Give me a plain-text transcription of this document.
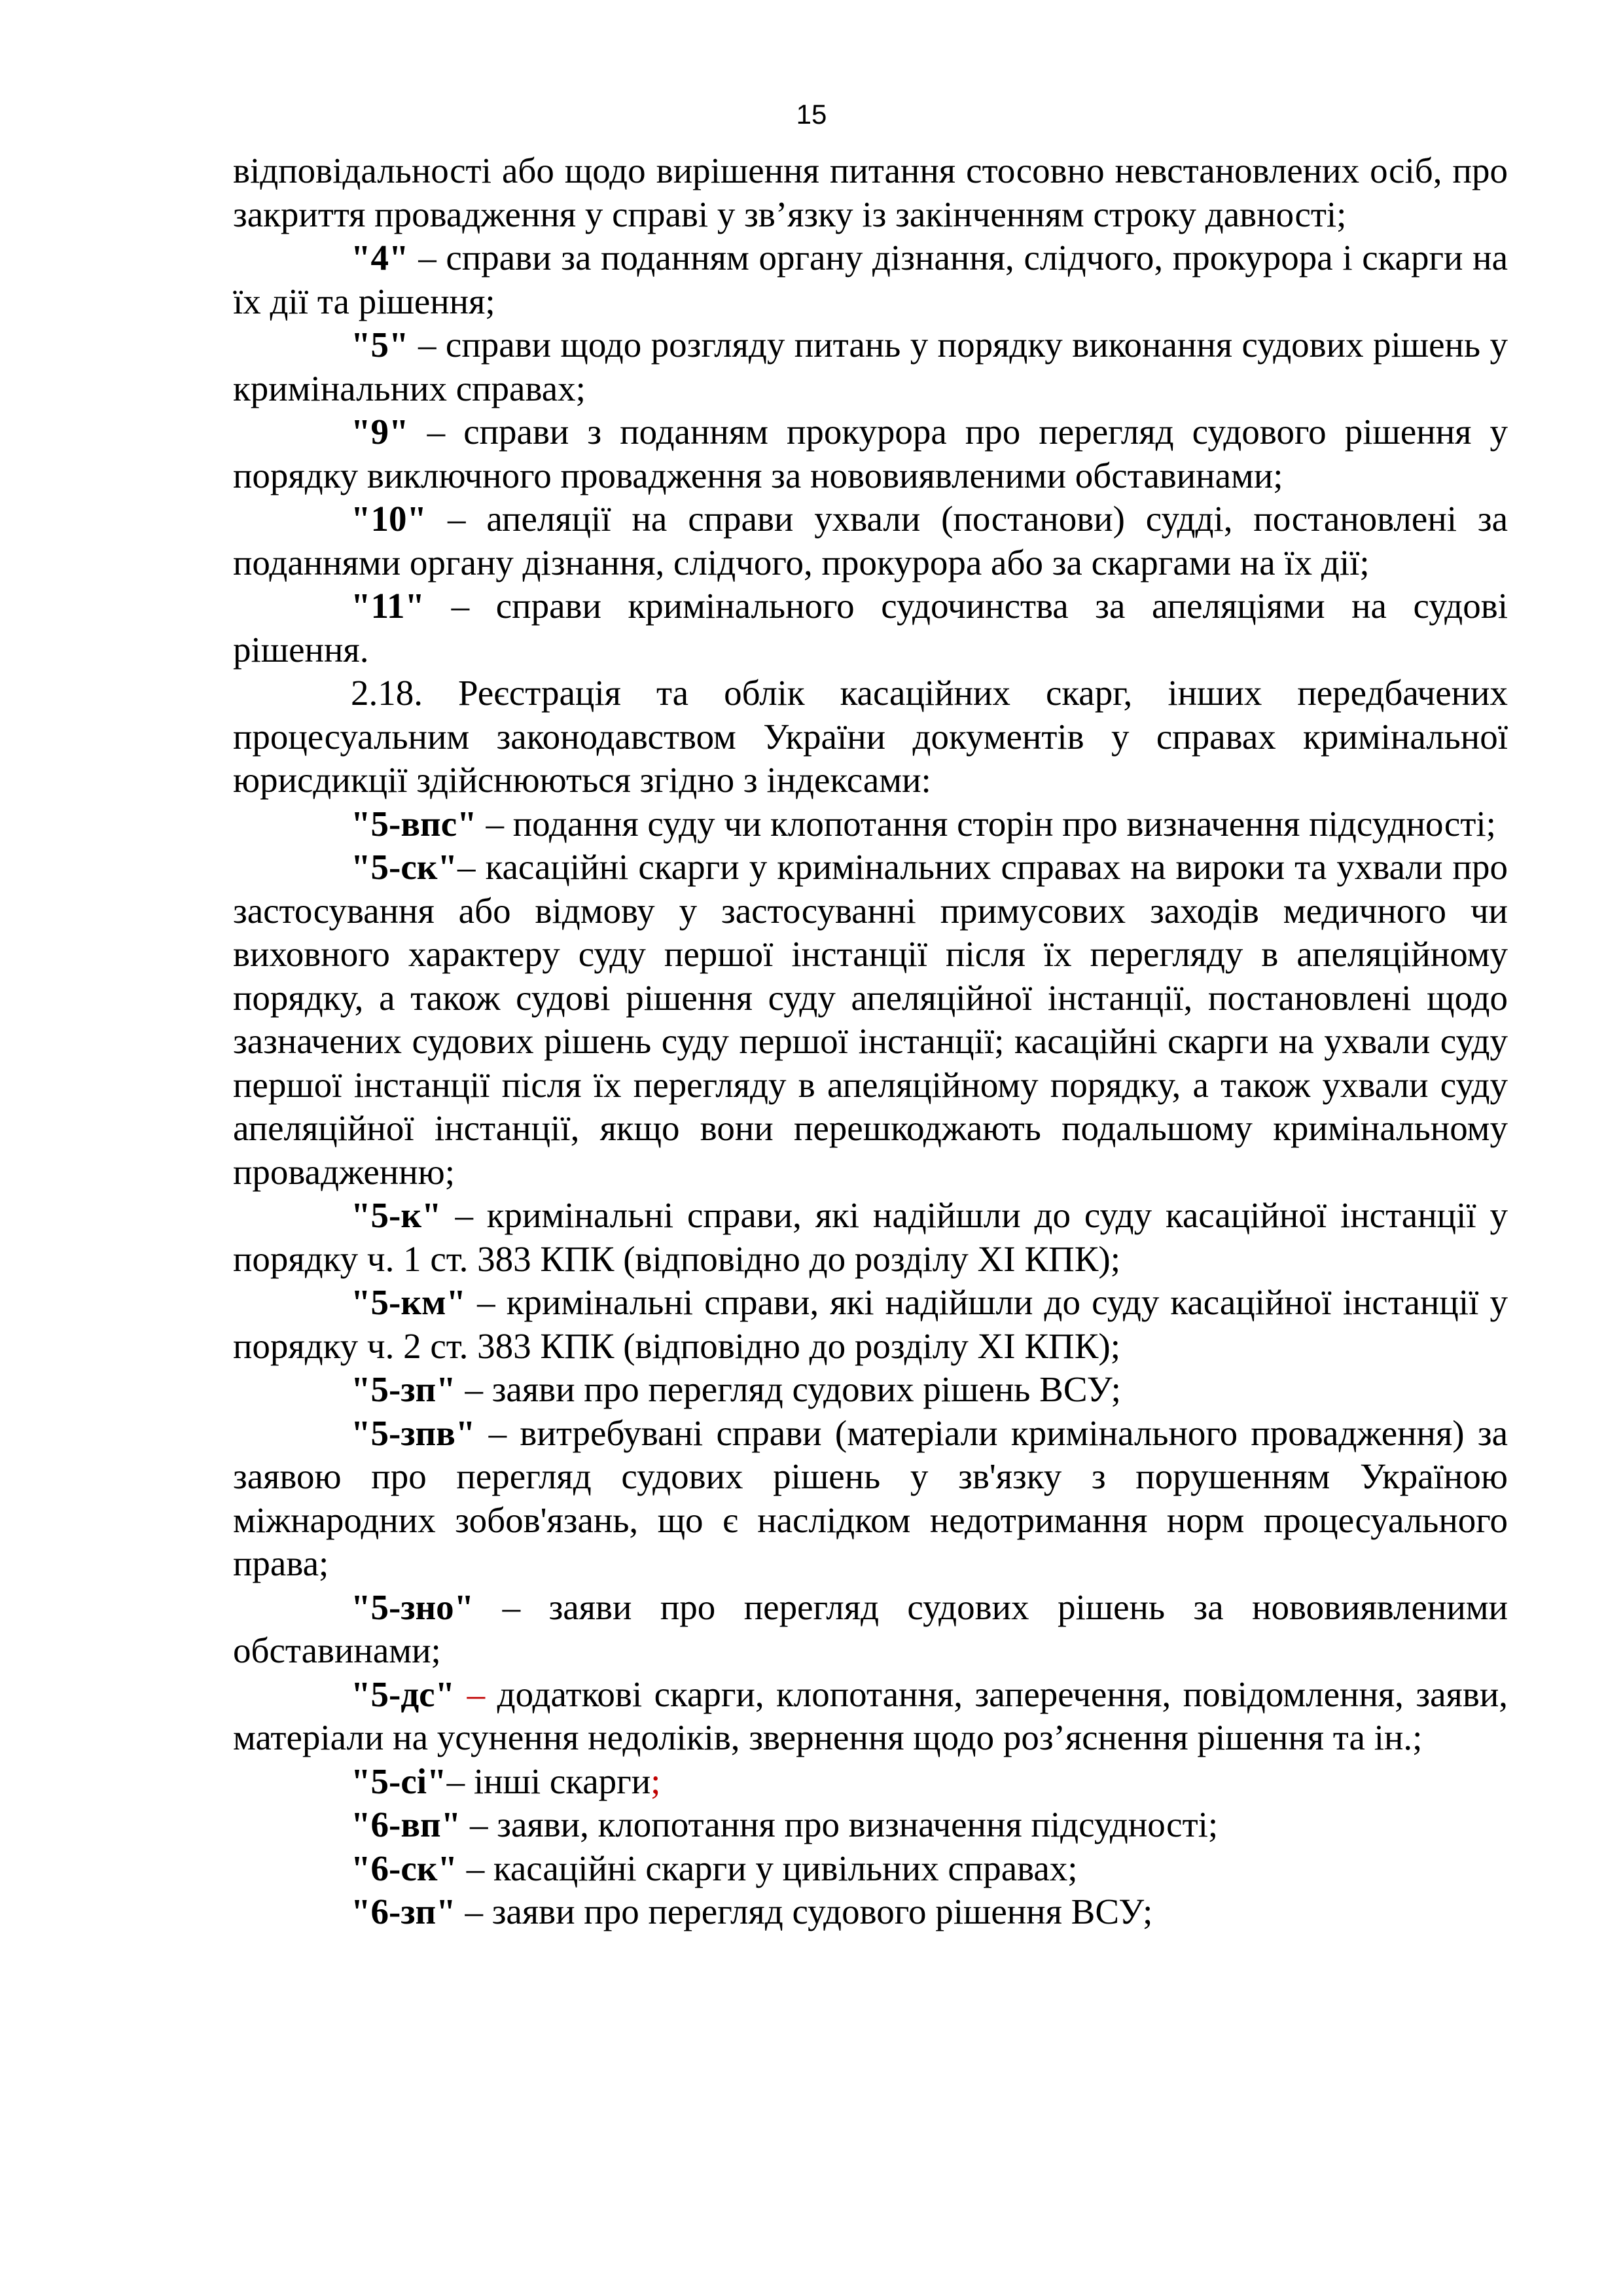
15

відповідальності або щодо вирішення питання стосовно невстановлених осіб, про закриття провадження у справі у зв’язку із закінченням строку давності;

"4" – справи за поданням органу дізнання, слідчого, прокурора і скарги на їх дії та рішення;

"5" – справи щодо розгляду питань у порядку виконання судових рішень у кримінальних справах;

"9" – справи з поданням прокурора про перегляд судового рішення у порядку виключного провадження за нововиявленими обставинами;

"10" – апеляції на справи ухвали (постанови) судді, постановлені за поданнями органу дізнання, слідчого, прокурора або за скаргами на їх дії;

"11" – справи кримінального судочинства за апеляціями на судові рішення.

2.18. Реєстрація та облік касаційних скарг, інших передбачених процесуальним законодавством України документів у справах кримінальної юрисдикції здійснюються згідно з індексами:

"5-впс" – подання суду чи клопотання сторін про визначення підсудності;

"5-ск"– касаційні скарги у кримінальних справах на вироки та ухвали про застосування або відмову у застосуванні примусових заходів медичного чи виховного характеру суду першої інстанції після їх перегляду в апеляційному порядку, а також судові рішення суду апеляційної інстанції, постановлені щодо зазначених судових рішень суду першої інстанції; касаційні скарги на ухвали суду першої інстанції після їх перегляду в апеляційному порядку, а також ухвали суду апеляційної інстанції, якщо вони перешкоджають подальшому кримінальному провадженню;

"5-к" – кримінальні справи, які надійшли до суду касаційної інстанції у порядку ч. 1 ст. 383 КПК (відповідно до розділу XI КПК);

"5-км" – кримінальні справи, які надійшли до суду касаційної інстанції у порядку ч. 2 ст. 383 КПК (відповідно до розділу XI КПК);

"5-зп" – заяви про перегляд судових рішень ВСУ;

"5-зпв" – витребувані справи (матеріали кримінального провадження) за заявою про перегляд судових рішень у зв'язку з порушенням Україною міжнародних зобов'язань, що є наслідком недотримання норм процесуального права;

"5-зно" – заяви про перегляд судових рішень за нововиявленими обставинами;

"5-дс" – додаткові скарги, клопотання, заперечення, повідомлення, заяви, матеріали на усунення недоліків, звернення щодо роз’яснення рішення та ін.;

"5-сі"– інші скарги;

"6-вп" – заяви, клопотання про визначення підсудності;

"6-ск" – касаційні скарги у цивільних справах;

"6-зп" – заяви про перегляд судового рішення ВСУ;
